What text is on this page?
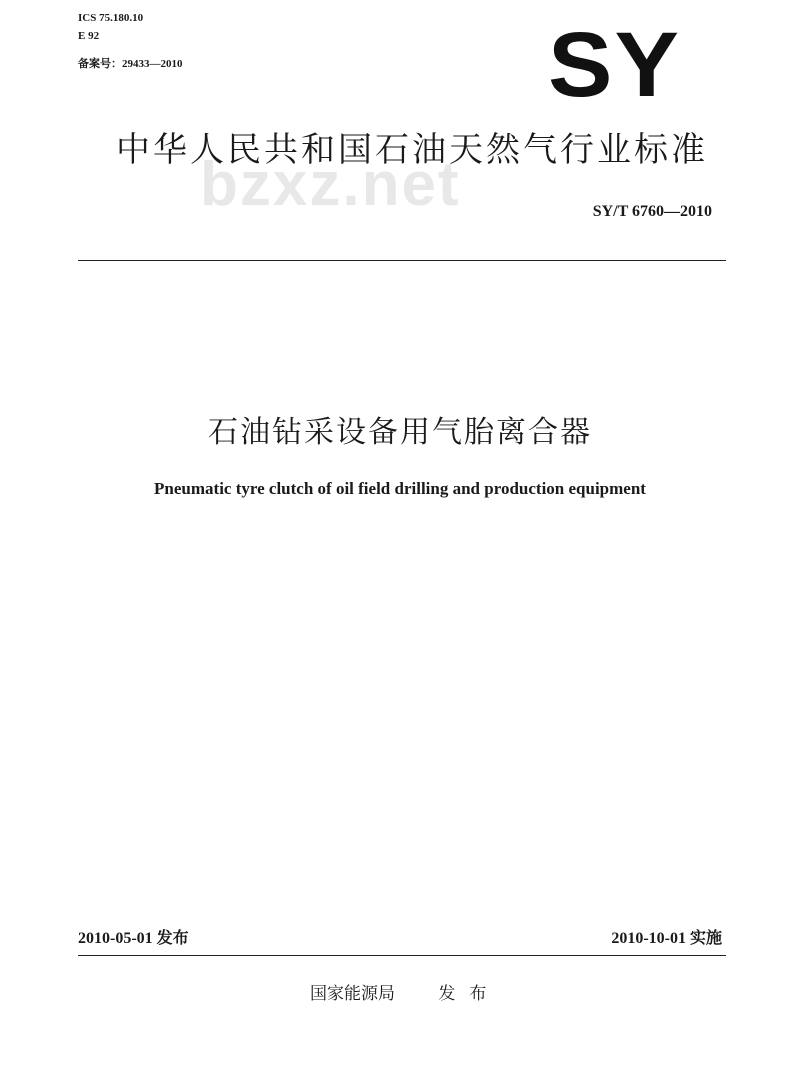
ICS 75.180.10
E 92
备案号：29433—2010	SY
中华人民共和国石油天然气行业标准
bzxz.net	SY/T 6760—2010
石油钻采设备用气胎离合器
Pneumatic tyre clutch of oil field drilling and production equipment
2010-05-01 发布	2010-10-01 实施
国家能源局	发布
